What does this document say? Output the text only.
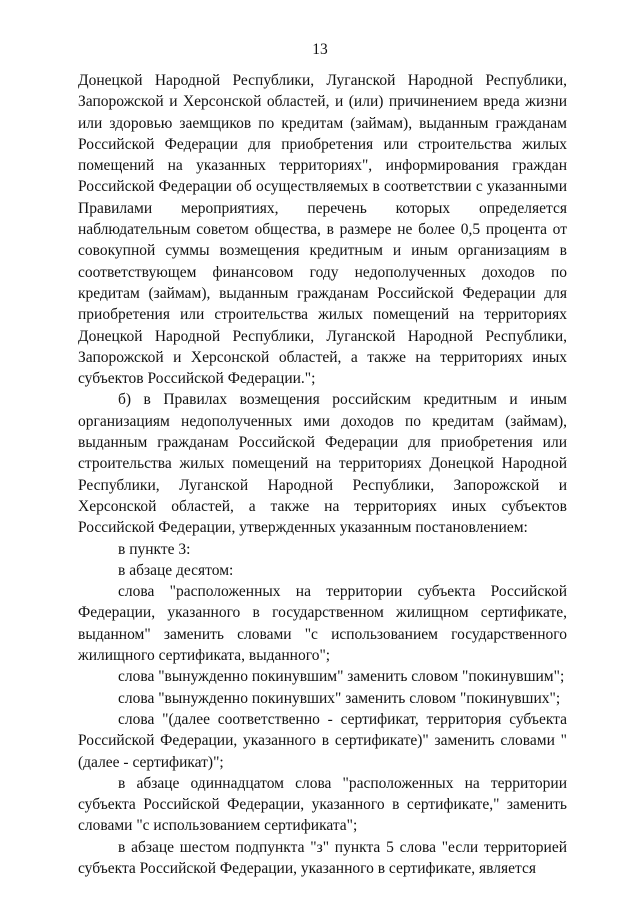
13

Донецкой Народной Республики, Луганской Народной Республики, Запорожской и Херсонской областей, и (или) причинением вреда жизни или здоровью заемщиков по кредитам (займам), выданным гражданам Российской Федерации для приобретения или строительства жилых помещений на указанных территориях", информирования граждан Российской Федерации об осуществляемых в соответствии с указанными Правилами мероприятиях, перечень которых определяется наблюдательным советом общества, в размере не более 0,5 процента от совокупной суммы возмещения кредитным и иным организациям в соответствующем финансовом году недополученных доходов по кредитам (займам), выданным гражданам Российской Федерации для приобретения или строительства жилых помещений на территориях Донецкой Народной Республики, Луганской Народной Республики, Запорожской и Херсонской областей, а также на территориях иных субъектов Российской Федерации.";

б) в Правилах возмещения российским кредитным и иным организациям недополученных ими доходов по кредитам (займам), выданным гражданам Российской Федерации для приобретения или строительства жилых помещений на территориях Донецкой Народной Республики, Луганской Народной Республики, Запорожской и Херсонской областей, а также на территориях иных субъектов Российской Федерации, утвержденных указанным постановлением:

в пункте 3:

в абзаце десятом:

слова "расположенных на территории субъекта Российской Федерации, указанного в государственном жилищном сертификате, выданном" заменить словами "с использованием государственного жилищного сертификата, выданного";

слова "вынужденно покинувшим" заменить словом "покинувшим";

слова "вынужденно покинувших" заменить словом "покинувших";

слова "(далее соответственно - сертификат, территория субъекта Российской Федерации, указанного в сертификате)" заменить словами "(далее - сертификат)";

в абзаце одиннадцатом слова "расположенных на территории субъекта Российской Федерации, указанного в сертификате," заменить словами "с использованием сертификата";

в абзаце шестом подпункта "з" пункта 5 слова "если территорией субъекта Российской Федерации, указанного в сертификате, является
